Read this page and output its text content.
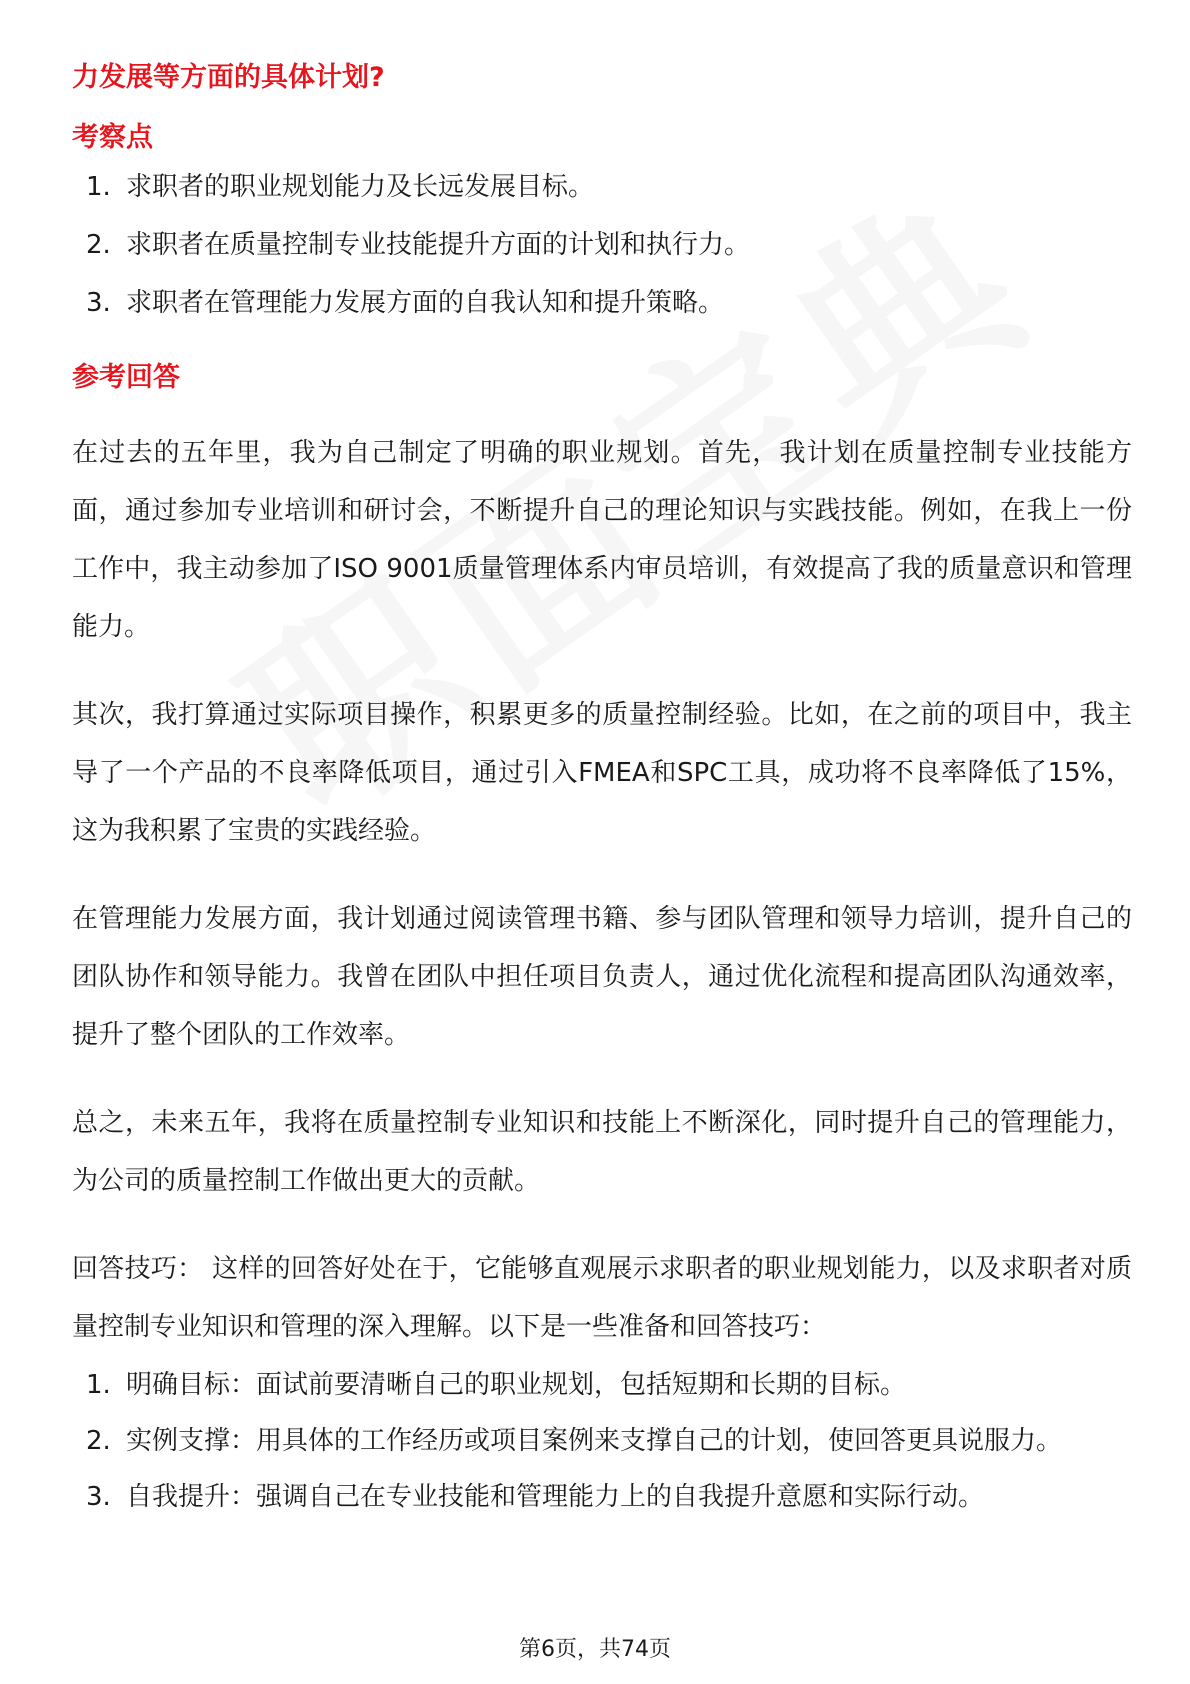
力发展等方面的具体计划?

考察点

1. 求职者的职业规划能力及长远发展目标。
2. 求职者在质量控制专业技能提升方面的计划和执行力。
3. 求职者在管理能力发展方面的自我认知和提升策略。

参考回答

在过去的五年里，我为自己制定了明确的职业规划。首先，我计划在质量控制专业技能方面，通过参加专业培训和研讨会，不断提升自己的理论知识与实践技能。例如，在我上一份工作中，我主动参加了ISO 9001质量管理体系内审员培训，有效提高了我的质量意识和管理能力。

其次，我打算通过实际项目操作，积累更多的质量控制经验。比如，在之前的项目中，我主导了一个产品的不良率降低项目，通过引入FMEA和SPC工具，成功将不良率降低了15%，这为我积累了宝贵的实践经验。

在管理能力发展方面，我计划通过阅读管理书籍、参与团队管理和领导力培训，提升自己的团队协作和领导能力。我曾在团队中担任项目负责人，通过优化流程和提高团队沟通效率，提升了整个团队的工作效率。

总之，未来五年，我将在质量控制专业知识和技能上不断深化，同时提升自己的管理能力，为公司的质量控制工作做出更大的贡献。

回答技巧： 这样的回答好处在于，它能够直观展示求职者的职业规划能力，以及求职者对质量控制专业知识和管理的深入理解。以下是一些准备和回答技巧：

1. 明确目标：面试前要清晰自己的职业规划，包括短期和长期的目标。
2. 实例支撑：用具体的工作经历或项目案例来支撑自己的计划，使回答更具说服力。
3. 自我提升：强调自己在专业技能和管理能力上的自我提升意愿和实际行动。
第6页，共74页
